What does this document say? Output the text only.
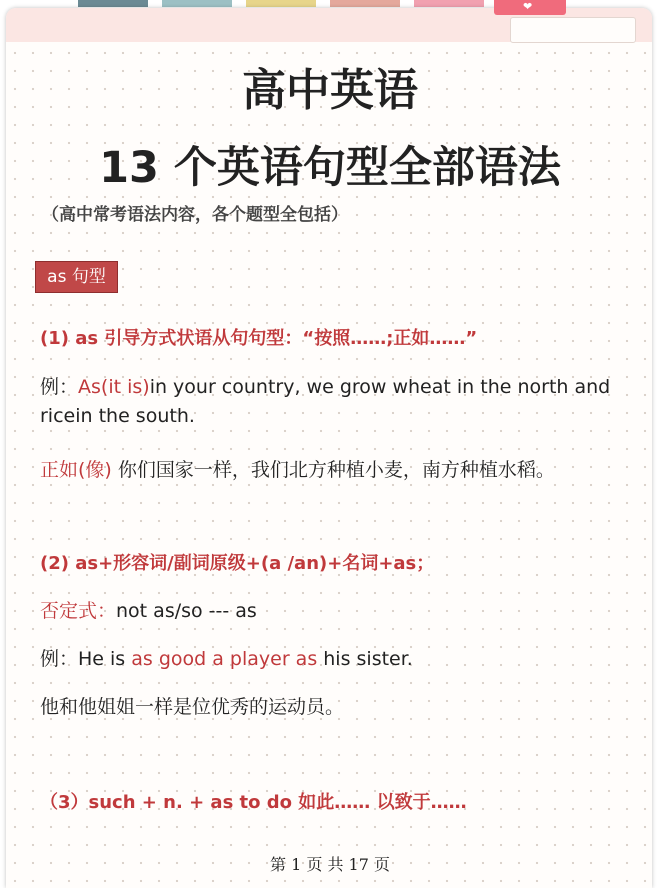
❤
高中英语
13 个英语句型全部语法
（高中常考语法内容，各个题型全包括）
as 句型
(1) as 引导方式状语从句句型：“按照……;正如……”
例：As(it is)in your country, we grow wheat in the north and
ricein the south.
正如(像) 你们国家一样，我们北方种植小麦，南方种植水稻。
(2) as+形容词/副词原级+(a /an)+名词+as；
否定式：not as/so --- as
例：He is as good a player as his sister.
他和他姐姐一样是位优秀的运动员。
（3）such + n. + as to do 如此…… 以致于……
第 1 页 共 17 页
